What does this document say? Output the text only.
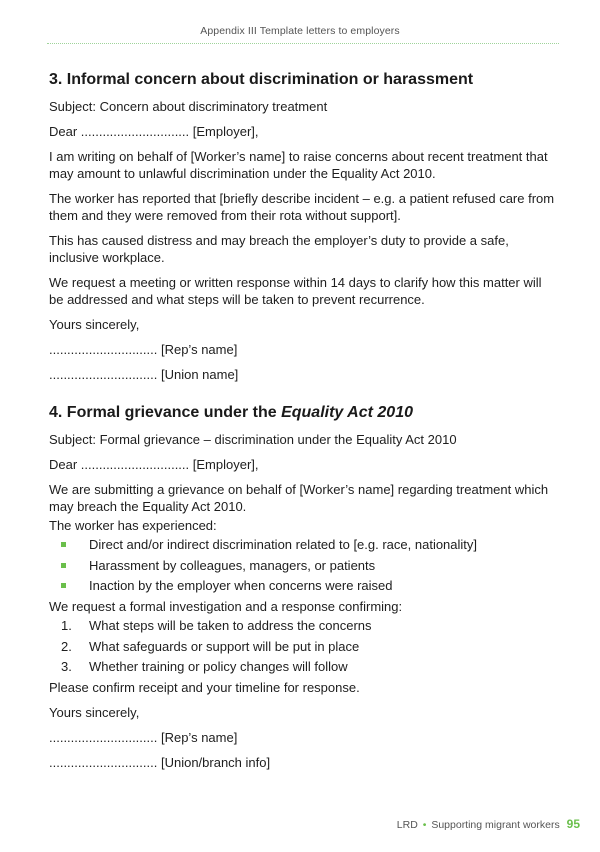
Appendix III Template letters to employers
3. Informal concern about discrimination or harassment

Subject: Concern about discriminatory treatment

Dear .............................. [Employer],

I am writing on behalf of [Worker’s name] to raise concerns about recent treatment that may amount to unlawful discrimination under the Equality Act 2010.

The worker has reported that [briefly describe incident – e.g. a patient refused care from them and they were removed from their rota without support].

This has caused distress and may breach the employer’s duty to provide a safe, inclusive workplace.

We request a meeting or written response within 14 days to clarify how this matter will be addressed and what steps will be taken to prevent recurrence.

Yours sincerely,

.............................. [Rep’s name]

.............................. [Union name]

4. Formal grievance under the Equality Act 2010

Subject: Formal grievance – discrimination under the Equality Act 2010

Dear .............................. [Employer],

We are submitting a grievance on behalf of [Worker’s name] regarding treatment which may breach the Equality Act 2010.

The worker has experienced:

Direct and/or indirect discrimination related to [e.g. race, nationality]
Harassment by colleagues, managers, or patients
Inaction by the employer when concerns were raised

We request a formal investigation and a response confirming:

1. What steps will be taken to address the concerns
2. What safeguards or support will be put in place
3. Whether training or policy changes will follow

Please confirm receipt and your timeline for response.

Yours sincerely,

.............................. [Rep’s name]

.............................. [Union/branch info]

LRD • Supporting migrant workers 95
